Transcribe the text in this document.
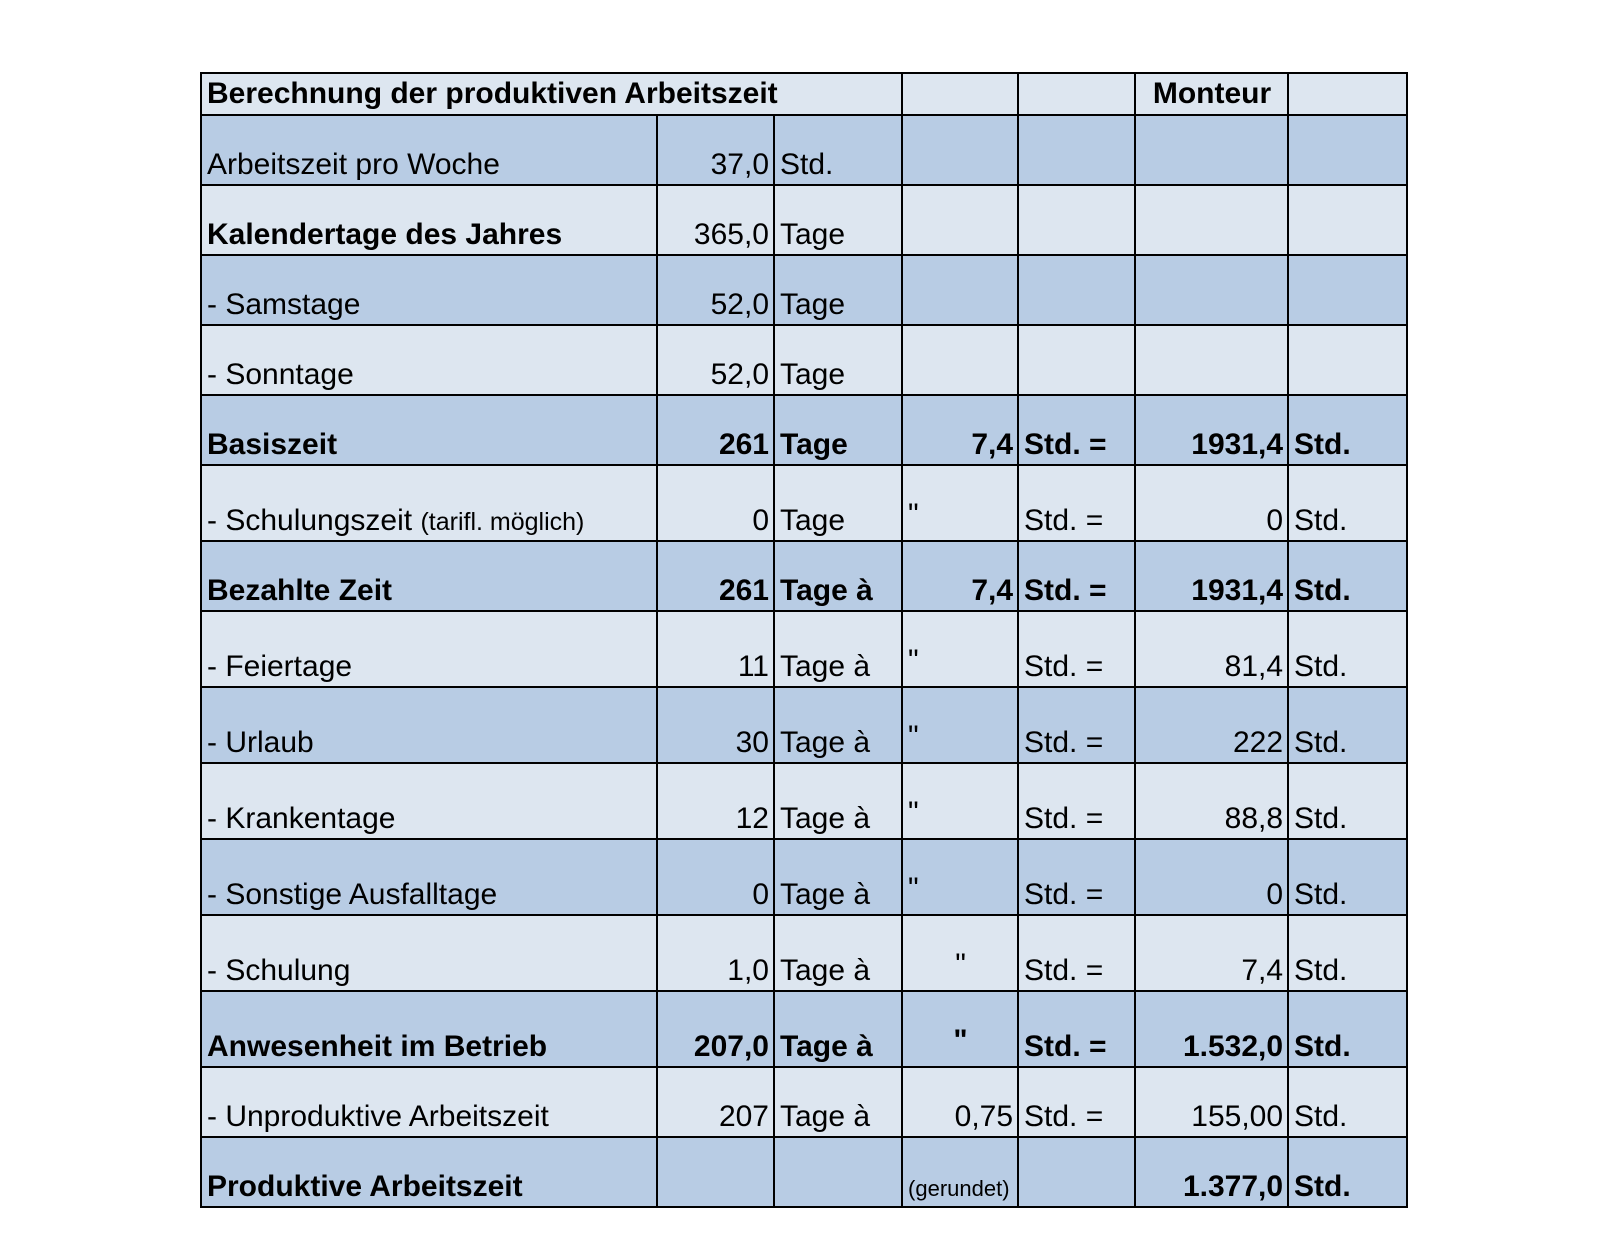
Berechnung der produktiven Arbeitszeit					Monteur	
Arbeitszeit pro Woche	37,0	Std.				
Kalendertage des Jahres	365,0	Tage				
- Samstage	52,0	Tage				
- Sonntage	52,0	Tage				
Basiszeit	261	Tage	7,4	Std. =	1931,4	Std.
- Schulungszeit (tarifl. möglich)	0	Tage	"	Std. =	0	Std.
Bezahlte Zeit	261	Tage à	7,4	Std. =	1931,4	Std.
- Feiertage	11	Tage à	"	Std. =	81,4	Std.
- Urlaub	30	Tage à	"	Std. =	222	Std.
- Krankentage	12	Tage à	"	Std. =	88,8	Std.
- Sonstige Ausfalltage	0	Tage à	"	Std. =	0	Std.
- Schulung	1,0	Tage à	"	Std. =	7,4	Std.
Anwesenheit im Betrieb	207,0	Tage à	"	Std. =	1.532,0	Std.
- Unproduktive Arbeitszeit	207	Tage à	0,75	Std. =	155,00	Std.
Produktive Arbeitszeit			(gerundet)		1.377,0	Std.
